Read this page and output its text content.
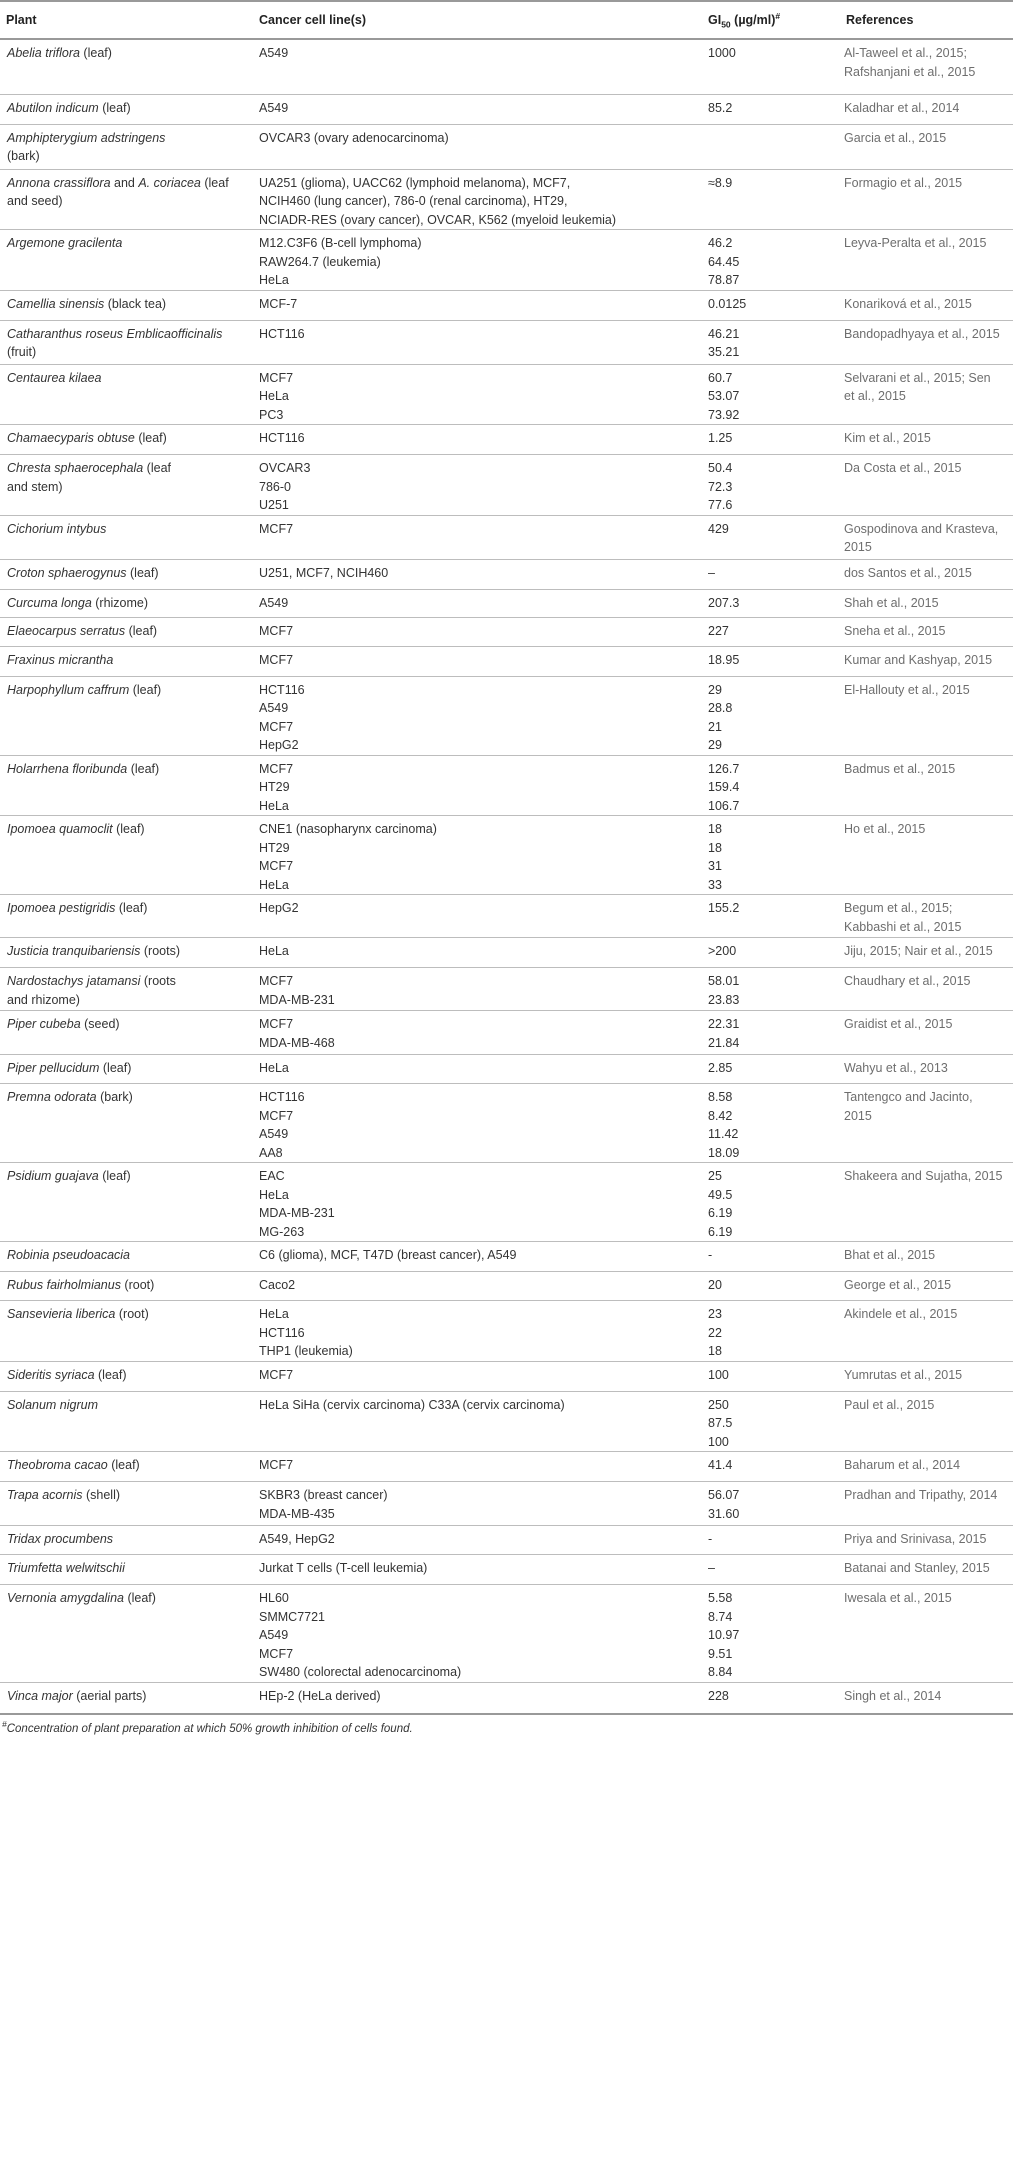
Plant	Cancer cell line(s)	$GI_{50}$ (µg/ml)#	References
Abelia triflora (leaf)	A549	1000	Al-Taweel et al., 2015;
Rafshanjani et al., 2015

Abutilon indicum (leaf)	A549	85.2	Kaladhar et al., 2014

Amphipterygium adstringens
(bark)	OVCAR3 (ovary adenocarcinoma)		Garcia et al., 2015

Annona crassiflora and A. coriacea (leaf and seed)	UA251 (glioma), UACC62 (lymphoid melanoma), MCF7,
NCIH460 (lung cancer), 786-0 (renal carcinoma), HT29,
NCIADR-RES (ovary cancer), OVCAR, K562 (myeloid leukemia)	≈8.9	Formagio et al., 2015

Argemone gracilenta	M12.C3F6 (B-cell lymphoma)
RAW264.7 (leukemia)
HeLa	46.2
64.45
78.87	Leyva-Peralta et al., 2015

Camellia sinensis (black tea)	MCF-7	0.0125	Konariková et al., 2015

Catharanthus roseus Emblicaofficinalis (fruit)	HCT116	46.21
35.21	Bandopadhyaya et al., 2015

Centaurea kilaea	MCF7
HeLa
PC3	60.7
53.07
73.92	Selvarani et al., 2015; Sen
et al., 2015

Chamaecyparis obtuse (leaf)	HCT116	1.25	Kim et al., 2015

Chresta sphaerocephala (leaf
and stem)	OVCAR3
786-0
U251	50.4
72.3
77.6	Da Costa et al., 2015

Cichorium intybus	MCF7	429	Gospodinova and Krasteva,
2015

Croton sphaerogynus (leaf)	U251, MCF7, NCIH460	–	dos Santos et al., 2015

Curcuma longa (rhizome)	A549	207.3	Shah et al., 2015

Elaeocarpus serratus (leaf)	MCF7	227	Sneha et al., 2015

Fraxinus micrantha	MCF7	18.95	Kumar and Kashyap, 2015

Harpophyllum caffrum (leaf)	HCT116
A549
MCF7
HepG2	29
28.8
21
29	El-Hallouty et al., 2015

Holarrhena floribunda (leaf)	MCF7
HT29
HeLa	126.7
159.4
106.7	Badmus et al., 2015

Ipomoea quamoclit (leaf)	CNE1 (nasopharynx carcinoma)
HT29
MCF7
HeLa	18
18
31
33	Ho et al., 2015

Ipomoea pestigridis (leaf)	HepG2	155.2	Begum et al., 2015;
Kabbashi et al., 2015

Justicia tranquibariensis (roots)	HeLa	>200	Jiju, 2015; Nair et al., 2015

Nardostachys jatamansi (roots
and rhizome)	MCF7
MDA-MB-231	58.01
23.83	Chaudhary et al., 2015

Piper cubeba (seed)	MCF7
MDA-MB-468	22.31
21.84	Graidist et al., 2015

Piper pellucidum (leaf)	HeLa	2.85	Wahyu et al., 2013

Premna odorata (bark)	HCT116
MCF7
A549
AA8	8.58
8.42
11.42
18.09	Tantengco and Jacinto,
2015

Psidium guajava (leaf)	EAC
HeLa
MDA-MB-231
MG-263	25
49.5
6.19
6.19	Shakeera and Sujatha, 2015

Robinia pseudoacacia	C6 (glioma), MCF, T47D (breast cancer), A549	-	Bhat et al., 2015

Rubus fairholmianus (root)	Caco2	20	George et al., 2015

Sansevieria liberica (root)	HeLa
HCT116
THP1 (leukemia)	23
22
18	Akindele et al., 2015

Sideritis syriaca (leaf)	MCF7	100	Yumrutas et al., 2015

Solanum nigrum	HeLa SiHa (cervix carcinoma) C33A (cervix carcinoma)	250
87.5
100	Paul et al., 2015

Theobroma cacao (leaf)	MCF7	41.4	Baharum et al., 2014

Trapa acornis (shell)	SKBR3 (breast cancer)
MDA-MB-435	56.07
31.60	Pradhan and Tripathy, 2014

Tridax procumbens	A549, HepG2	-	Priya and Srinivasa, 2015

Triumfetta welwitschii	Jurkat T cells (T-cell leukemia)	–	Batanai and Stanley, 2015

Vernonia amygdalina (leaf)	HL60
SMMC7721
A549
MCF7
SW480 (colorectal adenocarcinoma)	5.58
8.74
10.97
9.51
8.84	Iwesala et al., 2015

Vinca major (aerial parts)	HEp-2 (HeLa derived)	228	Singh et al., 2014
#Concentration of plant preparation at which 50% growth inhibition of cells found.
